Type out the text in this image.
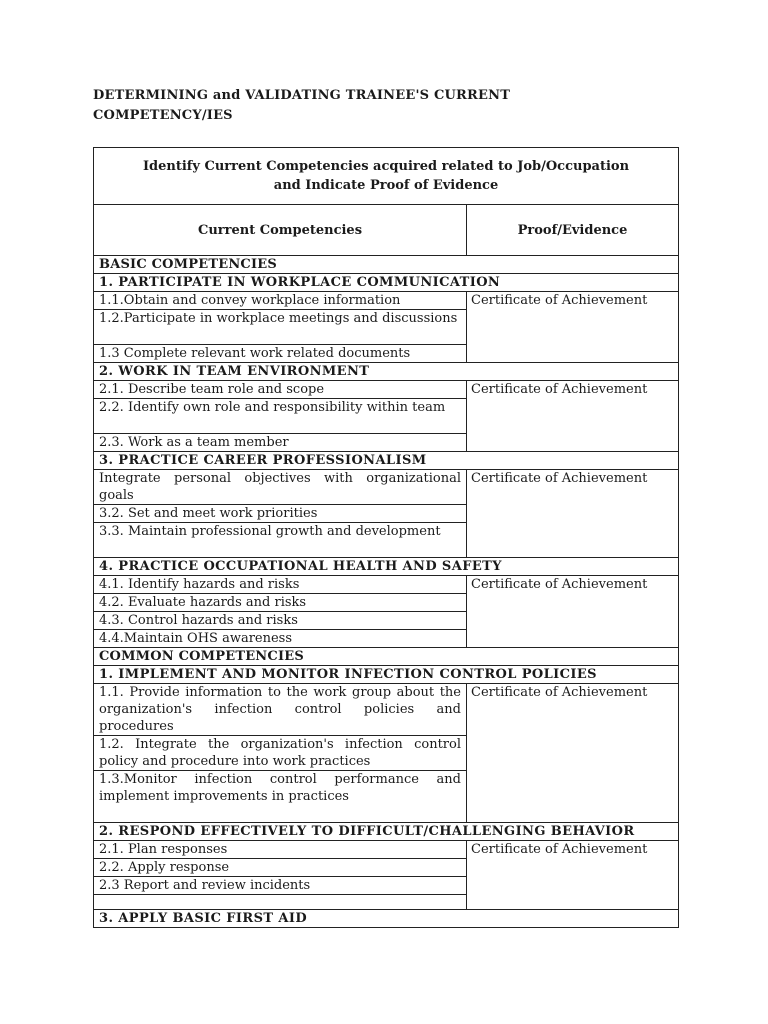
DETERMINING and VALIDATING TRAINEE'S CURRENT
COMPETENCY/IES
Identify Current Competencies acquired related to Job/Occupation
and Indicate Proof of Evidence	

Current Competencies	Proof/Evidence
BASIC COMPETENCIES	
1. PARTICIPATE IN WORKPLACE COMMUNICATION	
1.1.Obtain and convey workplace information	Certificate of Achievement
1.2.Participate in workplace meetings and discussions	
1.3 Complete relevant work related documents	
2. WORK IN TEAM ENVIRONMENT	
2.1. Describe team role and scope	Certificate of Achievement
2.2. Identify own role and responsibility within team	
2.3. Work as a team member	
3. PRACTICE CAREER PROFESSIONALISM	
Integrate personal objectives with organizational goals	Certificate of Achievement
3.2. Set and meet work priorities	
3.3. Maintain professional growth and development	
4. PRACTICE OCCUPATIONAL HEALTH AND SAFETY	
4.1. Identify hazards and risks	Certificate of Achievement
4.2. Evaluate hazards and risks	
4.3. Control hazards and risks	
4.4.Maintain OHS awareness	
COMMON COMPETENCIES	
1. IMPLEMENT AND MONITOR INFECTION CONTROL POLICIES	
1.1. Provide information to the work group about the organization's infection control policies and procedures	Certificate of Achievement
1.2. Integrate the organization's infection control policy and procedure into work practices	
1.3.Monitor infection control performance and implement improvements in practices	
2. RESPOND EFFECTIVELY TO DIFFICULT/CHALLENGING BEHAVIOR	
2.1. Plan responses	Certificate of Achievement
2.2. Apply response	
2.3 Report and review incidents	

3. APPLY BASIC FIRST AID	
